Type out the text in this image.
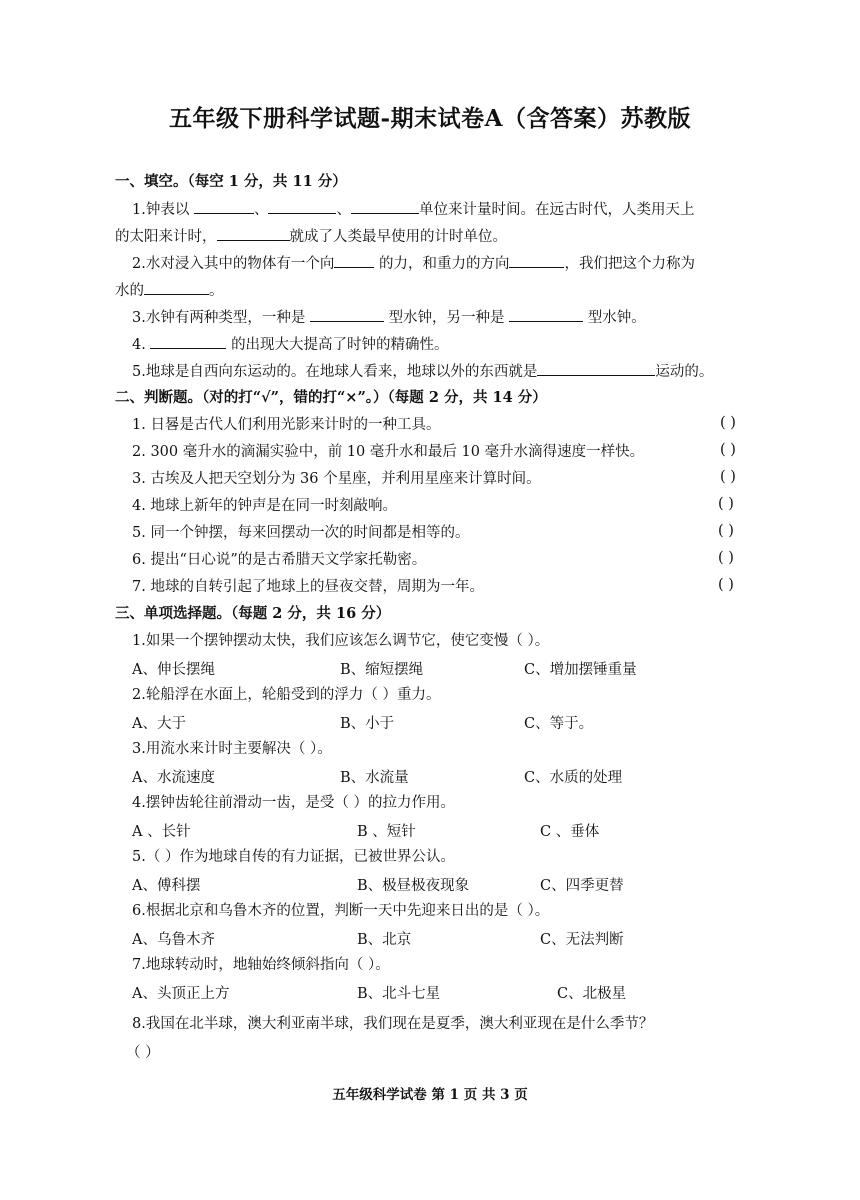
五年级下册科学试题-期末试卷A（含答案）苏教版
一、填空。（每空 1 分，共 11 分）
1.钟表以	、	、	单位来计量时间。在远古时代，人类用天上
的太阳来计时，	就成了人类最早使用的计时单位。
2.水对浸入其中的物体有一个向	的力，和重力的方向	，我们把这个力称为
水的	。
3.水钟有两种类型，一种是	型水钟，另一种是	型水钟。
4.	的出现大大提高了时钟的精确性。
5.地球是自西向东运动的。在地球人看来，地球以外的东西就是	运动的。
二、判断题。（对的打“√”，错的打“×”。）（每题 2 分，共 14 分）
1. 日晷是古代人们利用光影来计时的一种工具。	( )
2. 300 毫升水的滴漏实验中，前 10 毫升水和最后 10 毫升水滴得速度一样快。	( )
3. 古埃及人把天空划分为 36 个星座，并利用星座来计算时间。	( )
4. 地球上新年的钟声是在同一时刻敲响。	( )
5. 同一个钟摆，每来回摆动一次的时间都是相等的。	( )
6. 提出“日心说”的是古希腊天文学家托勒密。	( )
7. 地球的自转引起了地球上的昼夜交替，周期为一年。	( )
三、单项选择题。（每题 2 分，共 16 分）
1.如果一个摆钟摆动太快，我们应该怎么调节它，使它变慢（ ）。
A、伸长摆绳	B、缩短摆绳	C、增加摆锤重量
2.轮船浮在水面上，轮船受到的浮力（ ）重力。
A、大于	B、小于	C、等于。
3.用流水来计时主要解决（ ）。
A、水流速度	B、水流量	C、水质的处理
4.摆钟齿轮往前滑动一齿，是受（ ）的拉力作用。
A 、长针	B 、短针	C 、垂体
5.（ ）作为地球自传的有力证据，已被世界公认。
A、傅科摆	B、极昼极夜现象	C、四季更替
6.根据北京和乌鲁木齐的位置，判断一天中先迎来日出的是（ ）。
A、乌鲁木齐	B、北京	C、无法判断
7.地球转动时，地轴始终倾斜指向（ ）。
A、头顶正上方	B、北斗七星	C、北极星
8.我国在北半球，澳大利亚南半球，我们现在是夏季，澳大利亚现在是什么季节？
（ ）
五年级科学试卷 第 1 页 共 3 页
